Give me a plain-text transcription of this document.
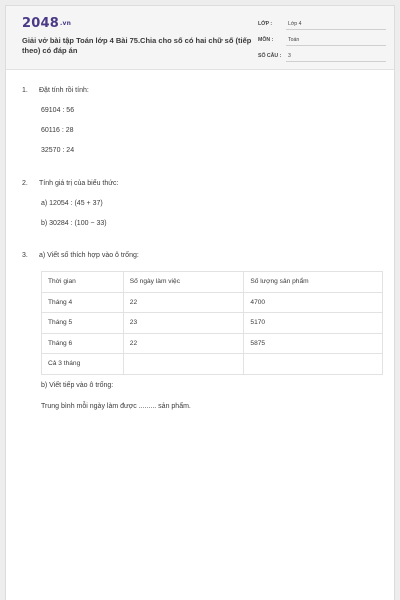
$2048^{.vn}$
Giải vở bài tập Toán lớp 4 Bài 75.Chia cho số có hai chữ số (tiếp theo) có đáp án
LỚP :	Lớp 4
MÔN :	Toán
SỐ CÂU :	3
1. Đặt tính rồi tính:
69104 : 56
60116 : 28
32570 : 24
2. Tính giá trị của biểu thức:
a) 12054 : (45 + 37)
b) 30284 : (100 − 33)
3. a) Viết số thích hợp vào ô trống:
Thời gian	Số ngày làm việc	Số lượng sản phẩm
Tháng 4	22	4700
Tháng 5	23	5170
Tháng 6	22	5875
Cả 3 tháng		
b) Viết tiếp vào ô trống:
Trung bình mỗi ngày làm được ......... sản phẩm.
